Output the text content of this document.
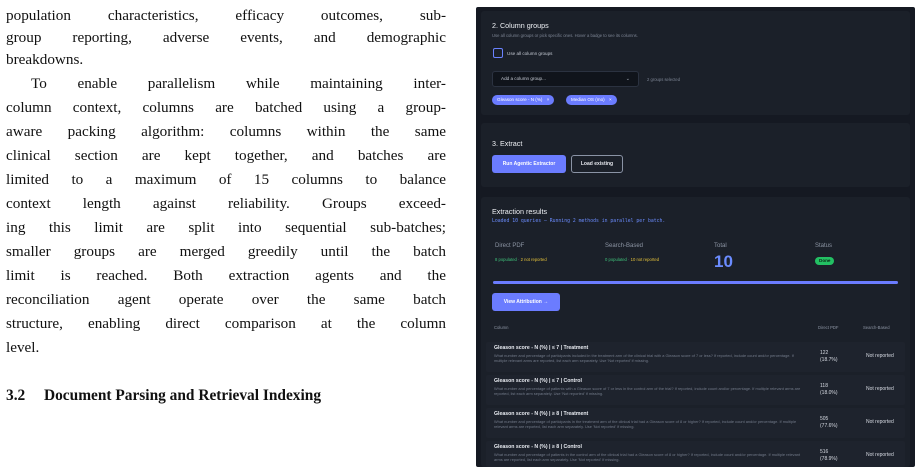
population characteristics, efficacy outcomes, sub-
group reporting, adverse events, and demographic
breakdowns.
To enable parallelism while maintaining inter-
column context, columns are batched using a group-
aware packing algorithm: columns within the same
clinical section are kept together, and batches are
limited to a maximum of 15 columns to balance
context length against reliability. Groups exceed-
ing this limit are split into sequential sub-batches;
smaller groups are merged greedily until the batch
limit is reached. Both extraction agents and the
reconciliation agent operate over the same batch
structure, enabling direct comparison at the column
level.
3.2 Document Parsing and Retrieval Indexing
2. Column groups
Use all column groups or pick specific ones. Hover a badge to see its columns.
Use all column groups
Add a column group...	⌄	2 groups selected
Gleason score - N (%) ×	Median OS (mo) ×
3. Extract
Run Agentic Extractor	Load existing
Extraction results
Loaded 10 queries — Running 2 methods in parallel per batch.
Direct PDF
8 populated · 2 not reported
Search-Based
0 populated · 10 not reported
Total
10
Status
Done
View Attribution →
Column	Direct PDF	Search-Based
Gleason score - N (%) | ≤ 7 | Treatment
What number and percentage of participants included in the treatment arm of the clinical trial with a Gleason score of 7 or less? If reported, include count and/or percentage. If multiple relevant arms are reported, list each arm separately. Use 'Not reported' if missing.
122
(18.7%)
Not reported
Gleason score - N (%) | ≤ 7 | Control
What number and percentage of patients with a Gleason score of 7 or less in the control arm of the trial? If reported, include count and/or percentage. If multiple relevant arms are reported, list each arm separately. Use 'Not reported' if missing.
118
(18.0%)
Not reported
Gleason score - N (%) | ≥ 8 | Treatment
What number and percentage of participants in the treatment arm of the clinical trial had a Gleason score of 8 or higher? If reported, include count and/or percentage. If multiple relevant arms are reported, list each arm separately. Use 'Not reported' if missing.
505
(77.6%)
Not reported
Gleason score - N (%) | ≥ 8 | Control
What number and percentage of patients in the control arm of the clinical trial had a Gleason score of 8 or higher? If reported, include count and/or percentage. If multiple relevant arms are reported, list each arm separately. Use 'Not reported' if missing.
516
(78.9%)
Not reported
